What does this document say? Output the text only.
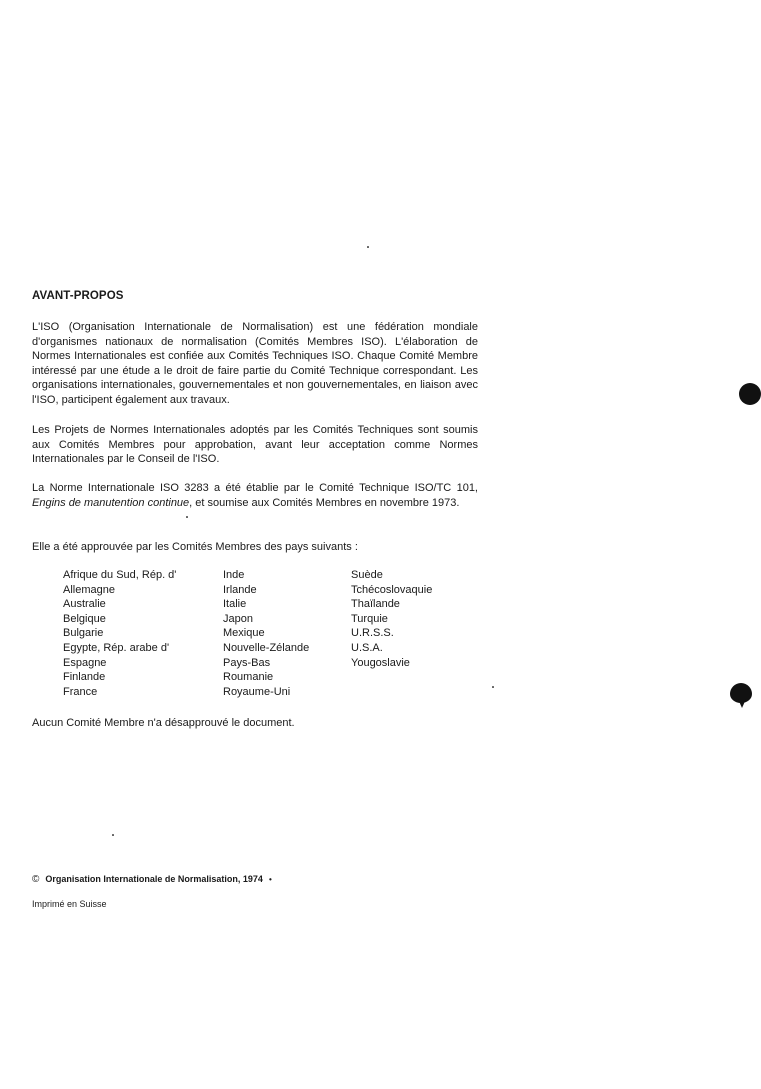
AVANT-PROPOS

L'ISO (Organisation Internationale de Normalisation) est une fédération mondiale d'organismes nationaux de normalisation (Comités Membres ISO). L'élaboration de Normes Internationales est confiée aux Comités Techniques ISO. Chaque Comité Membre intéressé par une étude a le droit de faire partie du Comité Technique correspondant. Les organisations internationales, gouvernementales et non gouvernementales, en liaison avec l'ISO, participent également aux travaux.

Les Projets de Normes Internationales adoptés par les Comités Techniques sont soumis aux Comités Membres pour approbation, avant leur acceptation comme Normes Internationales par le Conseil de l'ISO.

La Norme Internationale ISO 3283 a été établie par le Comité Technique ISO/TC 101, Engins de manutention continue, et soumise aux Comités Membres en novembre 1973.

Elle a été approuvée par les Comités Membres des pays suivants :

Afrique du Sud, Rép. d'
Allemagne
Australie
Belgique
Bulgarie
Egypte, Rép. arabe d'
Espagne
Finlande
France
Inde
Irlande
Italie
Japon
Mexique
Nouvelle-Zélande
Pays-Bas
Roumanie
Royaume-Uni
Suède
Tchécoslovaquie
Thaïlande
Turquie
U.R.S.S.
U.S.A.
Yougoslavie

Aucun Comité Membre n'a désapprouvé le document.

© Organisation Internationale de Normalisation, 1974 •

Imprimé en Suisse
